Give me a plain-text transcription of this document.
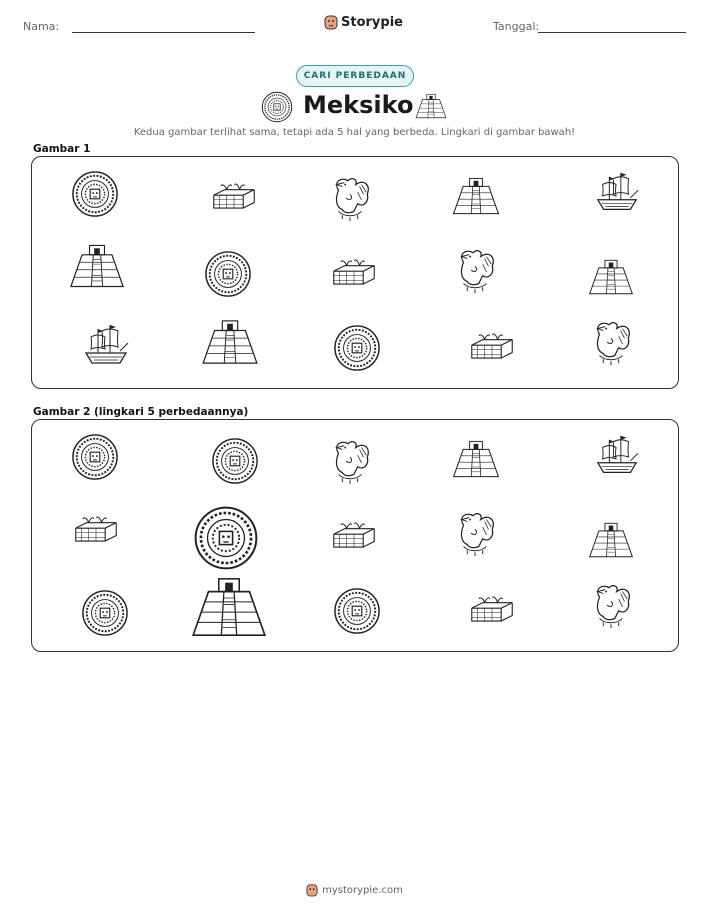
Nama:	Storypie	Tanggal:
CARI PERBEDAAN
Meksiko
Kedua gambar terlihat sama, tetapi ada 5 hal yang berbeda. Lingkari di gambar bawah!
Gambar 1
Gambar 2 (lingkari 5 perbedaannya)
mystorypie.com
